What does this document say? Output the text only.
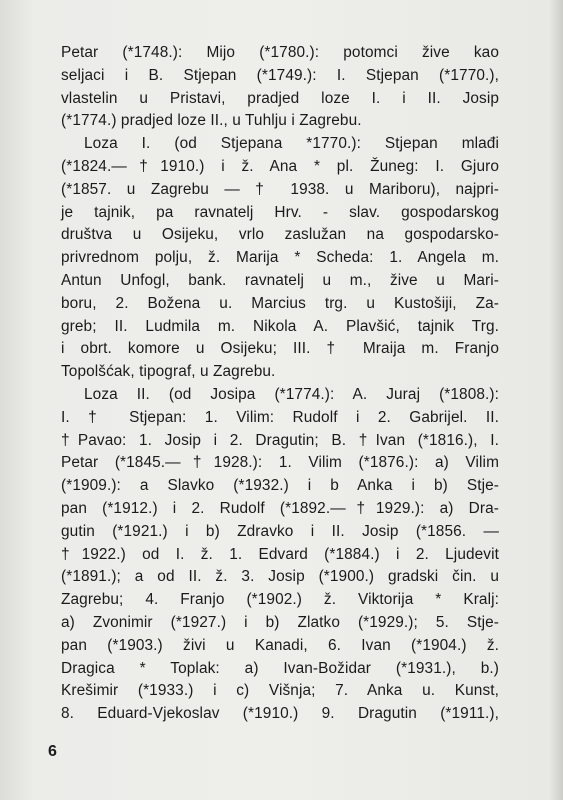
Petar (*1748.): Mijo (*1780.): potomci žive kao
seljaci i B. Stjepan (*1749.): I. Stjepan (*1770.),
vlastelin u Pristavi, pradjed loze I. i II. Josip
(*1774.) pradjed loze II., u Tuhlju i Zagrebu.
Loza I. (od Stjepana *1770.): Stjepan mlađi
(*1824.—†1910.) i ž. Ana * pl. Žuneg: I. Gjuro
(*1857. u Zagrebu — † 1938. u Mariboru), najpri-
je tajnik, pa ravnatelj Hrv. - slav. gospodarskog
društva u Osijeku, vrlo zaslužan na gospodarsko-
privrednom polju, ž. Marija * Scheda: 1. Angela m.
Antun Unfogl, bank. ravnatelj u m., žive u Mari-
boru, 2. Božena u. Marcius trg. u Kustošiji, Za-
greb; II. Ludmila m. Nikola A. Plavšić, tajnik Trg.
i obrt. komore u Osijeku; III. † Mraija m. Franjo
Topolšćak, tipograf, u Zagrebu.
Loza II. (od Josipa (*1774.): A. Juraj (*1808.):
I. † Stjepan: 1. Vilim: Rudolf i 2. Gabrijel. II.
†Pavao: 1. Josip i 2. Dragutin; B. †Ivan (*1816.), I.
Petar (*1845.—†1928.): 1. Vilim (*1876.): a) Vilim
(*1909.): a Slavko (*1932.) i b Anka i b) Stje-
pan (*1912.) i 2. Rudolf (*1892.—†1929.): a) Dra-
gutin (*1921.) i b) Zdravko i II. Josip (*1856. —
†1922.) od I. ž. 1. Edvard (*1884.) i 2. Ljudevit
(*1891.); a od II. ž. 3. Josip (*1900.) gradski čin. u
Zagrebu; 4. Franjo (*1902.) ž. Viktorija * Kralj:
a) Zvonimir (*1927.) i b) Zlatko (*1929.); 5. Stje-
pan (*1903.) živi u Kanadi, 6. Ivan (*1904.) ž.
Dragica * Toplak: a) Ivan-Božidar (*1931.), b.)
Krešimir (*1933.) i c) Višnja; 7. Anka u. Kunst,
8. Eduard-Vjekoslav (*1910.) 9. Dragutin (*1911.),
6
